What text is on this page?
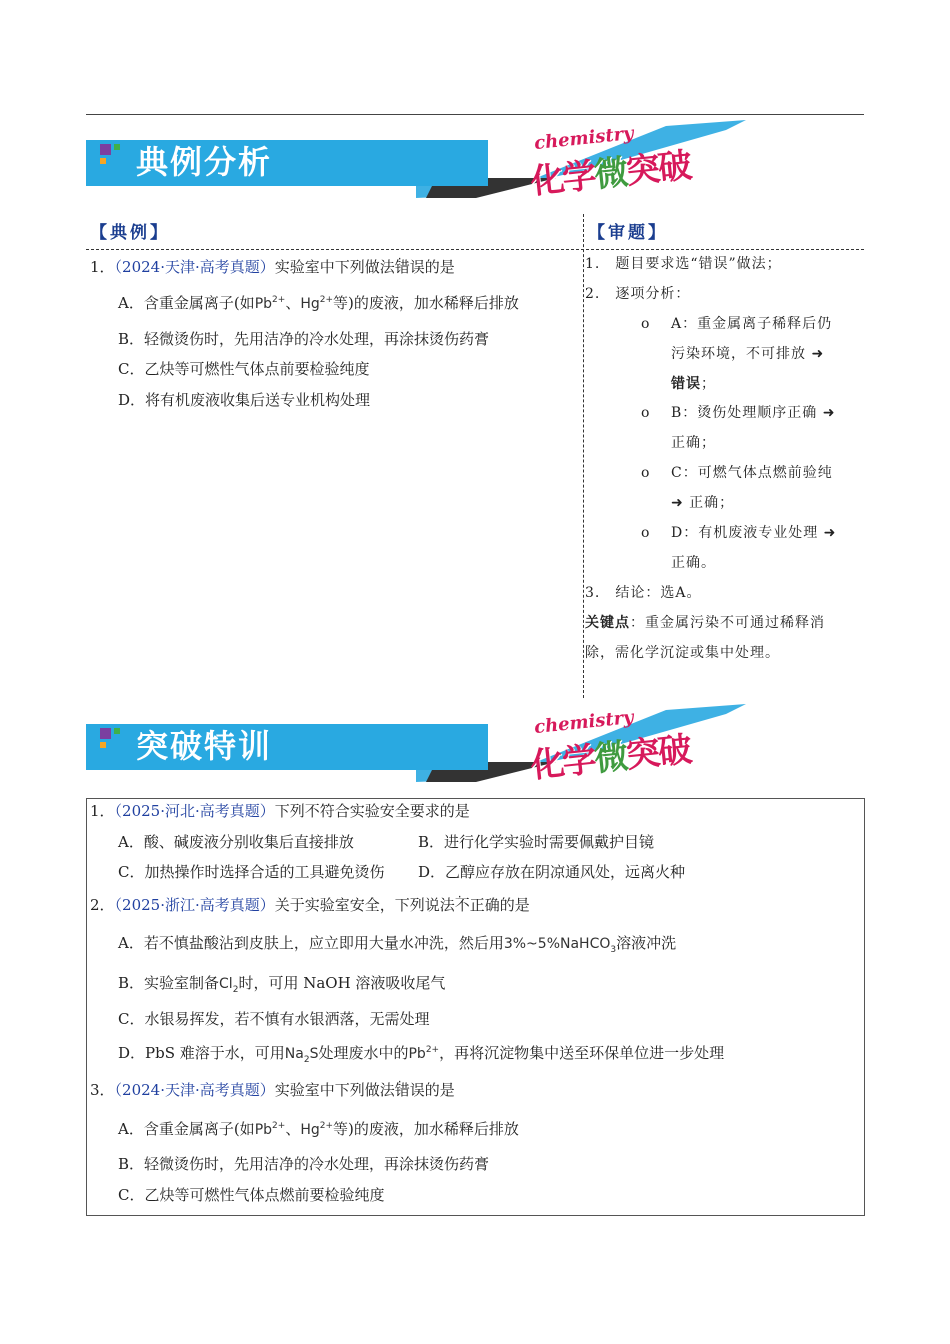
典例分析
chemistry
化学微突破
【典例】	【审题】
1．（2024·天津·高考真题）实验室中下列做法错误的是
A．含重金属离子(如$Pb^{2+}$、$Hg^{2+}$等)的废液，加水稀释后排放
B．轻微烫伤时，先用洁净的冷水处理，再涂抹烫伤药膏
C．乙炔等可燃性气体点前要检验纯度
D．将有机废液收集后送专业机构处理
1.　题目要求选“错误”做法；
2.　逐项分析：
o A：重金属离子稀释后仍
污染环境，不可排放 ➜
错误；
o B：烫伤处理顺序正确 ➜
正确；
o C：可燃气体点燃前验纯
➜ 正确；
o D：有机废液专业处理 ➜
正确。
3.　结论：选A。
关键点：重金属污染不可通过稀释消
除，需化学沉淀或集中处理。
突破特训
chemistry
化学微突破
1．（2025·河北·高考真题）下列不符合实验安全要求的是
A．酸、碱废液分别收集后直接排放	B．进行化学实验时需要佩戴护目镜
C．加热操作时选择合适的工具避免烫伤 D．乙醇应存放在阴凉通风处，远离火种
2．（2025·浙江·高考真题）关于实验室安全，下列说法不正确的是
A．若不慎盐酸沾到皮肤上，应立即用大量水冲洗，然后用3%~5%NaHCO$_3$溶液冲洗
B．实验室制备$Cl_2$时，可用 NaOH 溶液吸收尾气
C．水银易挥发，若不慎有水银洒落，无需处理
D．PbS 难溶于水，可用$Na_2S$处理废水中的$Pb^{2+}$，再将沉淀物集中送至环保单位进一步处理
3．（2024·天津·高考真题）实验室中下列做法错误的是
A．含重金属离子(如$Pb^{2+}$、$Hg^{2+}$等)的废液，加水稀释后排放
B．轻微烫伤时，先用洁净的冷水处理，再涂抹烫伤药膏
C．乙炔等可燃性气体点燃前要检验纯度
